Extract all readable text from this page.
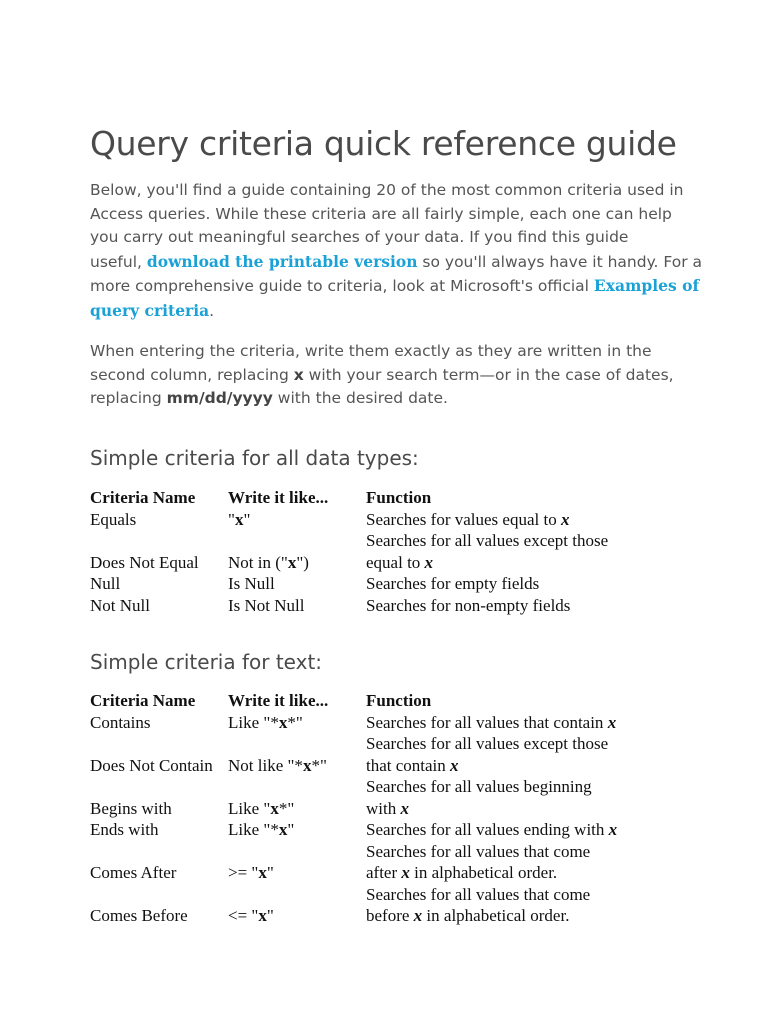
Query criteria quick reference guide

Below, you'll find a guide containing 20 of the most common criteria used in
Access queries. While these criteria are all fairly simple, each one can help
you carry out meaningful searches of your data. If you find this guide
useful, download the printable version so you'll always have it handy. For a
more comprehensive guide to criteria, look at Microsoft's official Examples of
query criteria.

When entering the criteria, write them exactly as they are written in the
second column, replacing x with your search term—or in the case of dates,
replacing mm/dd/yyyy with the desired date.

Simple criteria for all data types:
Criteria Name	Write it like...	Function
Equals	"x"	Searches for values equal to x

Does Not Equal	Not in ("x")	Searches for all values except those
equal to x

Null	Is Null	Searches for empty fields

Not Null	Is Not Null	Searches for non-empty fields
Simple criteria for text:
Criteria Name	Write it like...	Function
Contains	Like "*x*"	Searches for all values that contain x

Does Not Contain	Not like "*x*"	Searches for all values except those
that contain x

Begins with	Like "x*"	Searches for all values beginning
with x

Ends with	Like "*x"	Searches for all values ending with x

Comes After	>= "x"	Searches for all values that come
after x in alphabetical order.

Comes Before	<= "x"	Searches for all values that come
before x in alphabetical order.
